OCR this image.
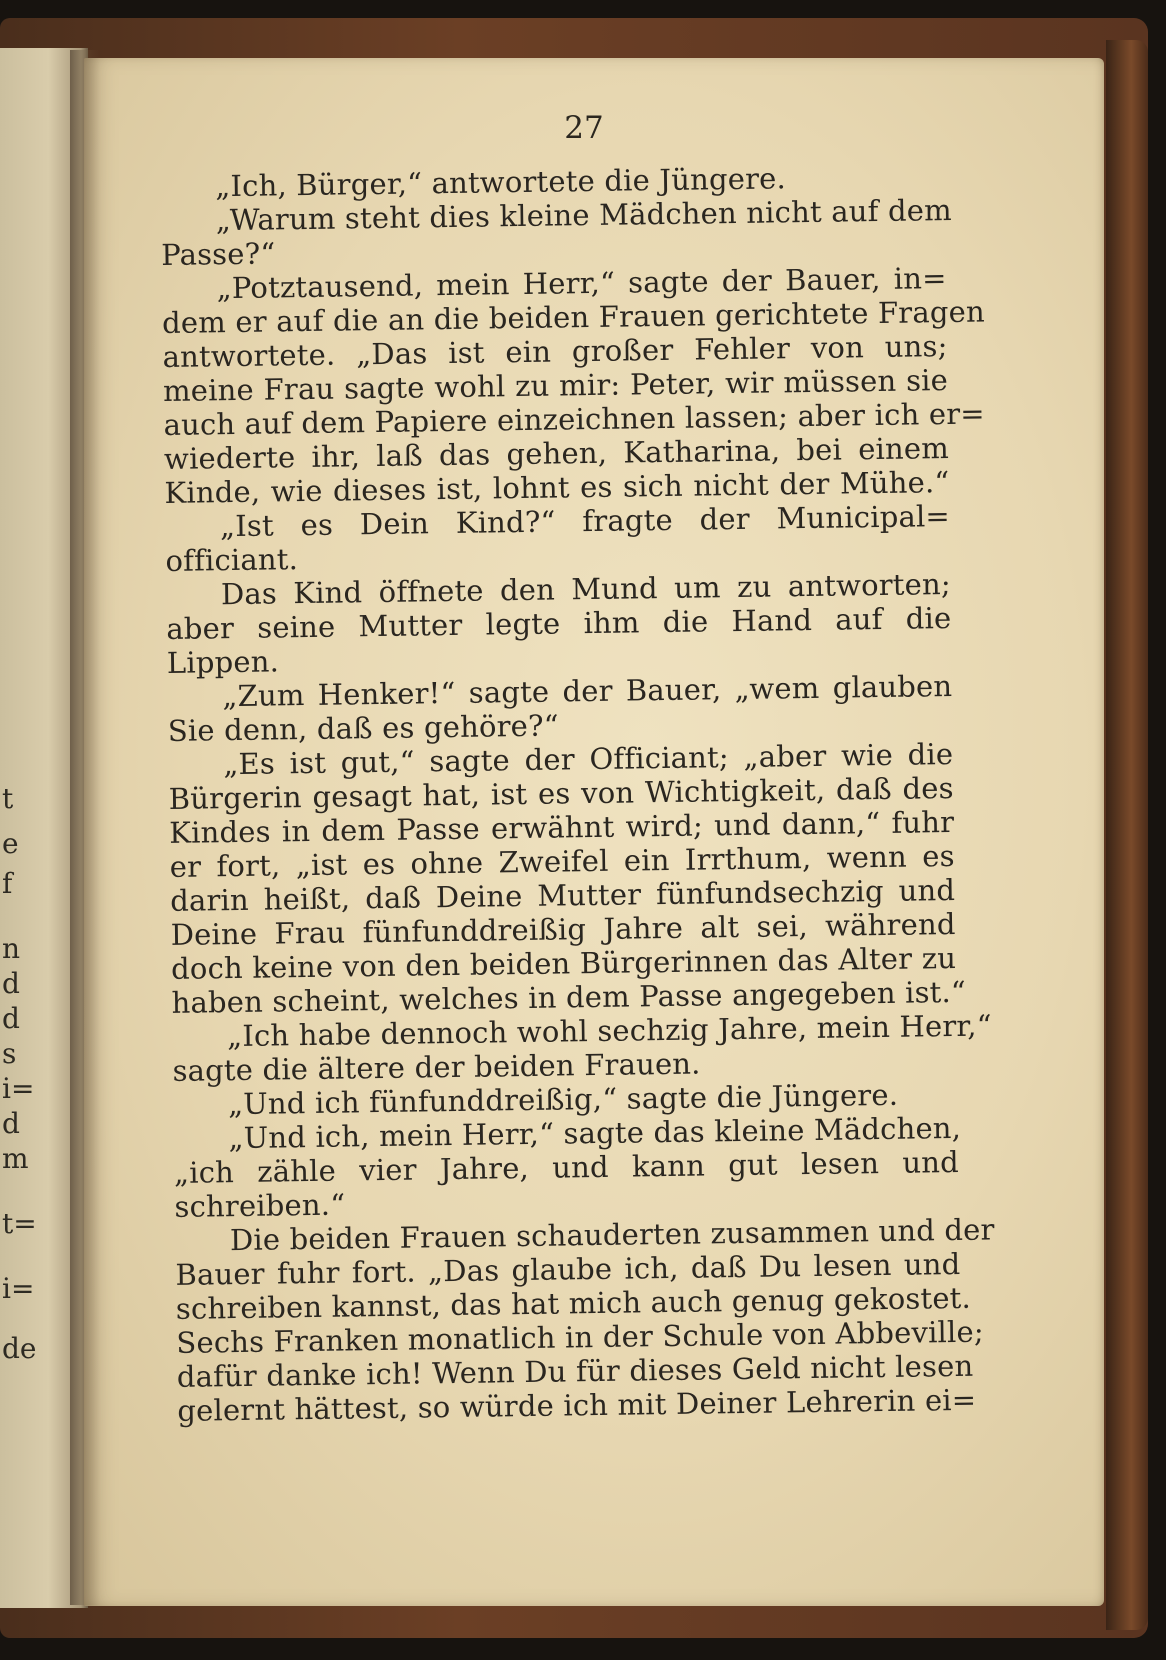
t
e
f
n
d
d
s
i=
d
m
t=
i=
de
27
„Ich, Bürger,“ antwortete die Jüngere.
„Warum steht dies kleine Mädchen nicht auf dem
Passe?“
„Potztausend, mein Herr,“ sagte der Bauer, in=
dem er auf die an die beiden Frauen gerichtete Fragen
antwortete. „Das ist ein großer Fehler von uns;
meine Frau sagte wohl zu mir: Peter, wir müssen sie
auch auf dem Papiere einzeichnen lassen; aber ich er=
wiederte ihr, laß das gehen, Katharina, bei einem
Kinde, wie dieses ist, lohnt es sich nicht der Mühe.“
„Ist es Dein Kind?“ fragte der Municipal=
officiant.
Das Kind öffnete den Mund um zu antworten;
aber seine Mutter legte ihm die Hand auf die
Lippen.
„Zum Henker!“ sagte der Bauer, „wem glauben
Sie denn, daß es gehöre?“
„Es ist gut,“ sagte der Officiant; „aber wie die
Bürgerin gesagt hat, ist es von Wichtigkeit, daß des
Kindes in dem Passe erwähnt wird; und dann,“ fuhr
er fort, „ist es ohne Zweifel ein Irrthum, wenn es
darin heißt, daß Deine Mutter fünfundsechzig und
Deine Frau fünfunddreißig Jahre alt sei, während
doch keine von den beiden Bürgerinnen das Alter zu
haben scheint, welches in dem Passe angegeben ist.“
„Ich habe dennoch wohl sechzig Jahre, mein Herr,“
sagte die ältere der beiden Frauen.
„Und ich fünfunddreißig,“ sagte die Jüngere.
„Und ich, mein Herr,“ sagte das kleine Mädchen,
„ich zähle vier Jahre, und kann gut lesen und
schreiben.“
Die beiden Frauen schauderten zusammen und der
Bauer fuhr fort. „Das glaube ich, daß Du lesen und
schreiben kannst, das hat mich auch genug gekostet.
Sechs Franken monatlich in der Schule von Abbeville;
dafür danke ich! Wenn Du für dieses Geld nicht lesen
gelernt hättest, so würde ich mit Deiner Lehrerin ei=
